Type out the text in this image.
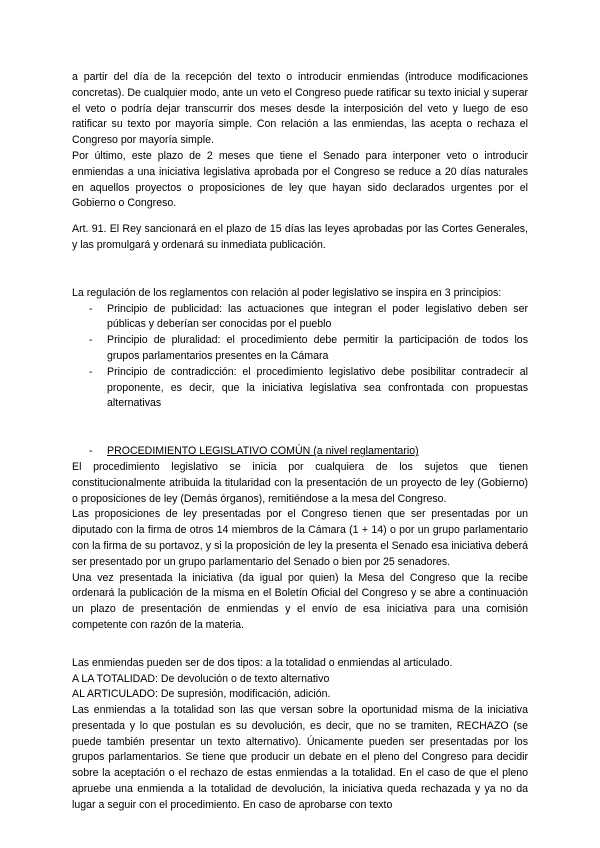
a partir del día de la recepción del texto o introducir enmiendas (introduce modificaciones concretas). De cualquier modo, ante un veto el Congreso puede ratificar su texto inicial y superar el veto o podría dejar transcurrir dos meses desde la interposición del veto y luego de eso ratificar su texto por mayoría simple. Con relación a las enmiendas, las acepta o rechaza el Congreso por mayoría simple.

Por último, este plazo de 2 meses que tiene el Senado para interponer veto o introducir enmiendas a una iniciativa legislativa aprobada por el Congreso se reduce a 20 días naturales en aquellos proyectos o proposiciones de ley que hayan sido declarados urgentes por el Gobierno o Congreso.

Art. 91. El Rey sancionará en el plazo de 15 días las leyes aprobadas por las Cortes Generales, y las promulgará y ordenará su inmediata publicación.

La regulación de los reglamentos con relación al poder legislativo se inspira en 3 principios:

- Principio de publicidad: las actuaciones que integran el poder legislativo deben ser públicas y deberían ser conocidas por el pueblo
- Principio de pluralidad: el procedimiento debe permitir la participación de todos los grupos parlamentarios presentes en la Cámara
- Principio de contradicción: el procedimiento legislativo debe posibilitar contradecir al proponente, es decir, que la iniciativa legislativa sea confrontada con propuestas alternativas
- PROCEDIMIENTO LEGISLATIVO COMÚN (a nivel reglamentario)

El procedimiento legislativo se inicia por cualquiera de los sujetos que tienen constitucionalmente atribuida la titularidad con la presentación de un proyecto de ley (Gobierno) o proposiciones de ley (Demás órganos), remitiéndose a la mesa del Congreso.

Las proposiciones de ley presentadas por el Congreso tienen que ser presentadas por un diputado con la firma de otros 14 miembros de la Cámara (1 + 14) o por un grupo parlamentario con la firma de su portavoz, y si la proposición de ley la presenta el Senado esa iniciativa deberá ser presentado por un grupo parlamentario del Senado o bien por 25 senadores.

Una vez presentada la iniciativa (da igual por quien) la Mesa del Congreso que la recibe ordenará la publicación de la misma en el Boletín Oficial del Congreso y se abre a continuación un plazo de presentación de enmiendas y el envío de esa iniciativa para una comisión competente con razón de la materia.

Las enmiendas pueden ser de dos tipos: a la totalidad o enmiendas al articulado.

A LA TOTALIDAD: De devolución o de texto alternativo

AL ARTICULADO: De supresión, modificación, adición.

Las enmiendas a la totalidad son las que versan sobre la oportunidad misma de la iniciativa presentada y lo que postulan es su devolución, es decir, que no se tramiten, RECHAZO (se puede también presentar un texto alternativo). Únicamente pueden ser presentadas por los grupos parlamentarios. Se tiene que producir un debate en el pleno del Congreso para decidir sobre la aceptación o el rechazo de estas enmiendas a la totalidad. En el caso de que el pleno apruebe una enmienda a la totalidad de devolución, la iniciativa queda rechazada y ya no da lugar a seguir con el procedimiento. En caso de aprobarse con texto
